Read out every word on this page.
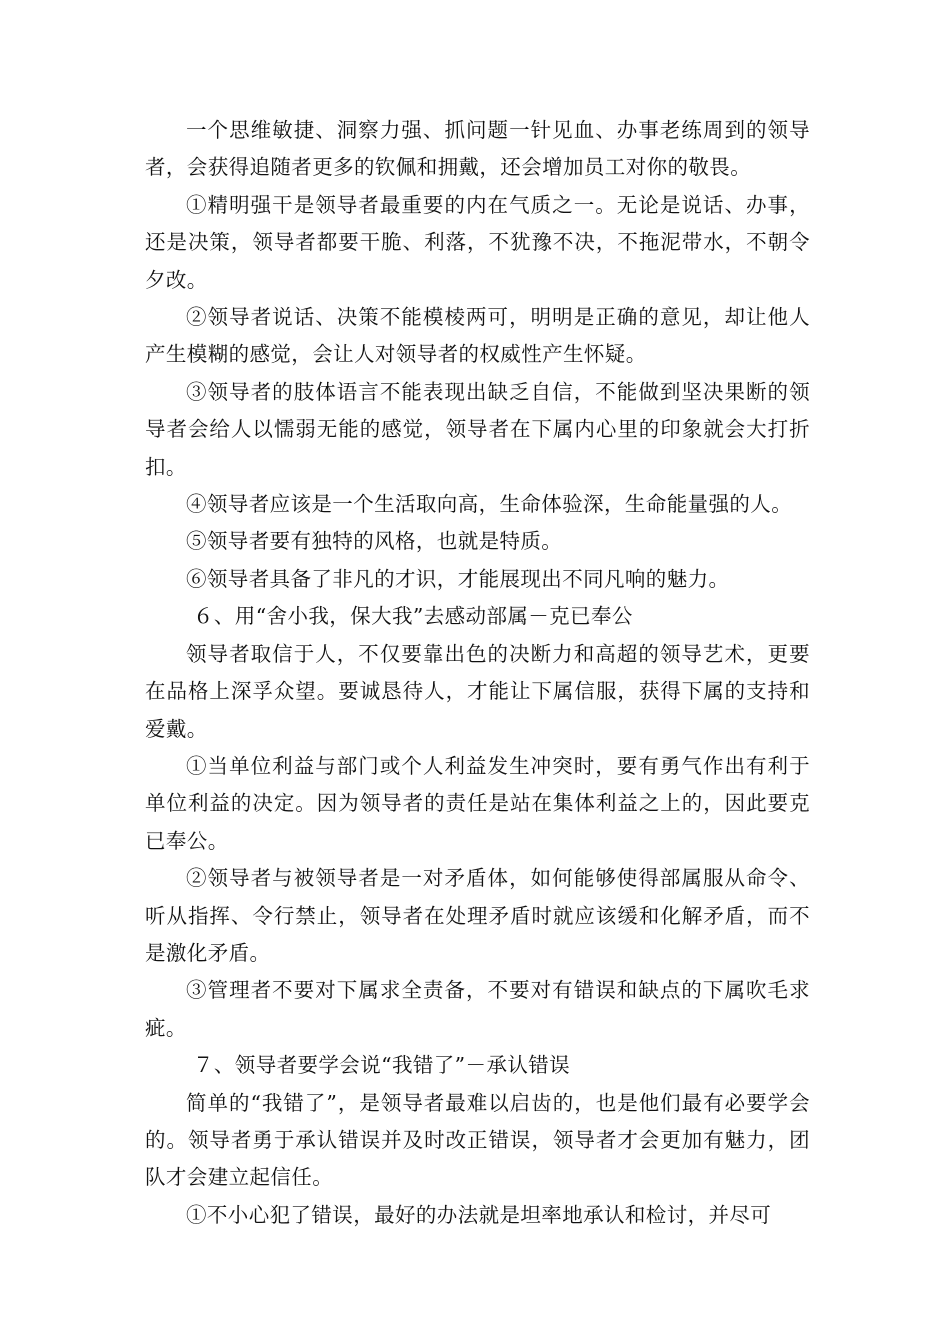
一个思维敏捷、洞察力强、抓问题一针见血、办事老练周到的领导者，会获得追随者更多的钦佩和拥戴，还会增加员工对你的敬畏。

①精明强干是领导者最重要的内在气质之一。无论是说话、办事，还是决策，领导者都要干脆、利落，不犹豫不决，不拖泥带水，不朝令夕改。

②领导者说话、决策不能模棱两可，明明是正确的意见，却让他人产生模糊的感觉，会让人对领导者的权威性产生怀疑。

③领导者的肢体语言不能表现出缺乏自信，不能做到坚决果断的领导者会给人以懦弱无能的感觉，领导者在下属内心里的印象就会大打折扣。

④领导者应该是一个生活取向高，生命体验深，生命能量强的人。

⑤领导者要有独特的风格，也就是特质。

⑥领导者具备了非凡的才识，才能展现出不同凡响的魅力。

６、用“舍小我，保大我”去感动部属－克已奉公

领导者取信于人，不仅要靠出色的决断力和高超的领导艺术，更要在品格上深孚众望。要诚恳待人，才能让下属信服，获得下属的支持和爱戴。

①当单位利益与部门或个人利益发生冲突时，要有勇气作出有利于单位利益的决定。因为领导者的责任是站在集体利益之上的，因此要克已奉公。

②领导者与被领导者是一对矛盾体，如何能够使得部属服从命令、听从指挥、令行禁止，领导者在处理矛盾时就应该缓和化解矛盾，而不是激化矛盾。

③管理者不要对下属求全责备，不要对有错误和缺点的下属吹毛求疵。

７、领导者要学会说“我错了”－承认错误

简单的“我错了”，是领导者最难以启齿的，也是他们最有必要学会的。领导者勇于承认错误并及时改正错误，领导者才会更加有魅力，团队才会建立起信任。

①不小心犯了错误，最好的办法就是坦率地承认和检讨，并尽可
